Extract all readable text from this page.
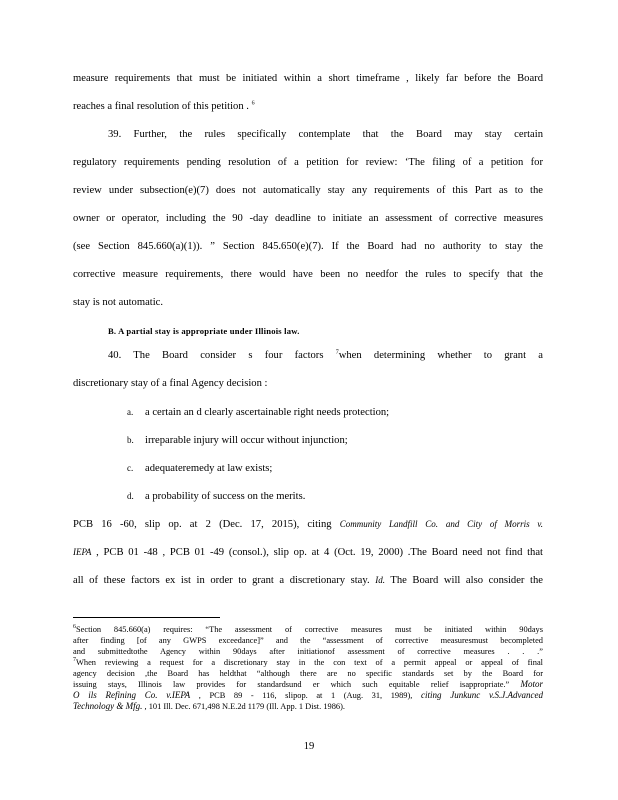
measure requirements that must be initiated within a short timeframe , likely far before the Board
reaches a final resolution of this petition . $^6$
39. Further, the rules specifically contemplate that the Board may stay certain
regulatory requirements pending resolution of a petition for review: ‘The filing of a petition for
review under subsection(e)(7) does not automatically stay any requirements of this Part as to the
owner or operator, including the 90 -day deadline to initiate an assessment of corrective measures
(see Section 845.660(a)(1)). ” Section 845.650(e)(7). If the Board had no authority to stay the
corrective measure requirements, there would have been no needfor the rules to specify that the
stay is not automatic.
B. A partial stay is appropriate under Illinois law.
40. The Board consider s four factors $^7$when determining whether to grant a
discretionary stay of a final Agency decision :
a. a certain an d clearly ascertainable right needs protection;
b. irreparable injury will occur without injunction;
c. adequateremedy at law exists;
d. a probability of success on the merits.
PCB 16 -60, slip op. at 2 (Dec. 17, 2015), citing Community Landfill Co. and City of Morris v.
IEPA , PCB 01 -48 , PCB 01 -49 (consol.), slip op. at 4 (Oct. 19, 2000) .The Board need not find that
all of these factors ex ist in order to grant a discretionary stay. Id. The Board will also consider the
$^6$Section 845.660(a) requires: “The assessment of corrective measures must be initiated within 90days
after finding [of any GWPS exceedance]” and the “assessment of corrective measuresmust becompleted
and submittedtothe Agency within 90days after initiationof assessment of corrective measures . . .”
$^7$When reviewing a request for a discretionary stay in the con text of a permit appeal or appeal of final
agency decision ,the Board has heldthat “although there are no specific standards set by the Board for
issuing stays, Illinois law provides for standardsund er which such equitable relief isappropriate.” Motor
O ils Refining Co. v.IEPA , PCB 89 - 116, slipop. at 1 (Aug. 31, 1989), citing Junkunc v.S.J.Advanced
Technology & Mfg. , 101 Ill. Dec. 671,498 N.E.2d 1179 (Ill. App. 1 Dist. 1986).
19
